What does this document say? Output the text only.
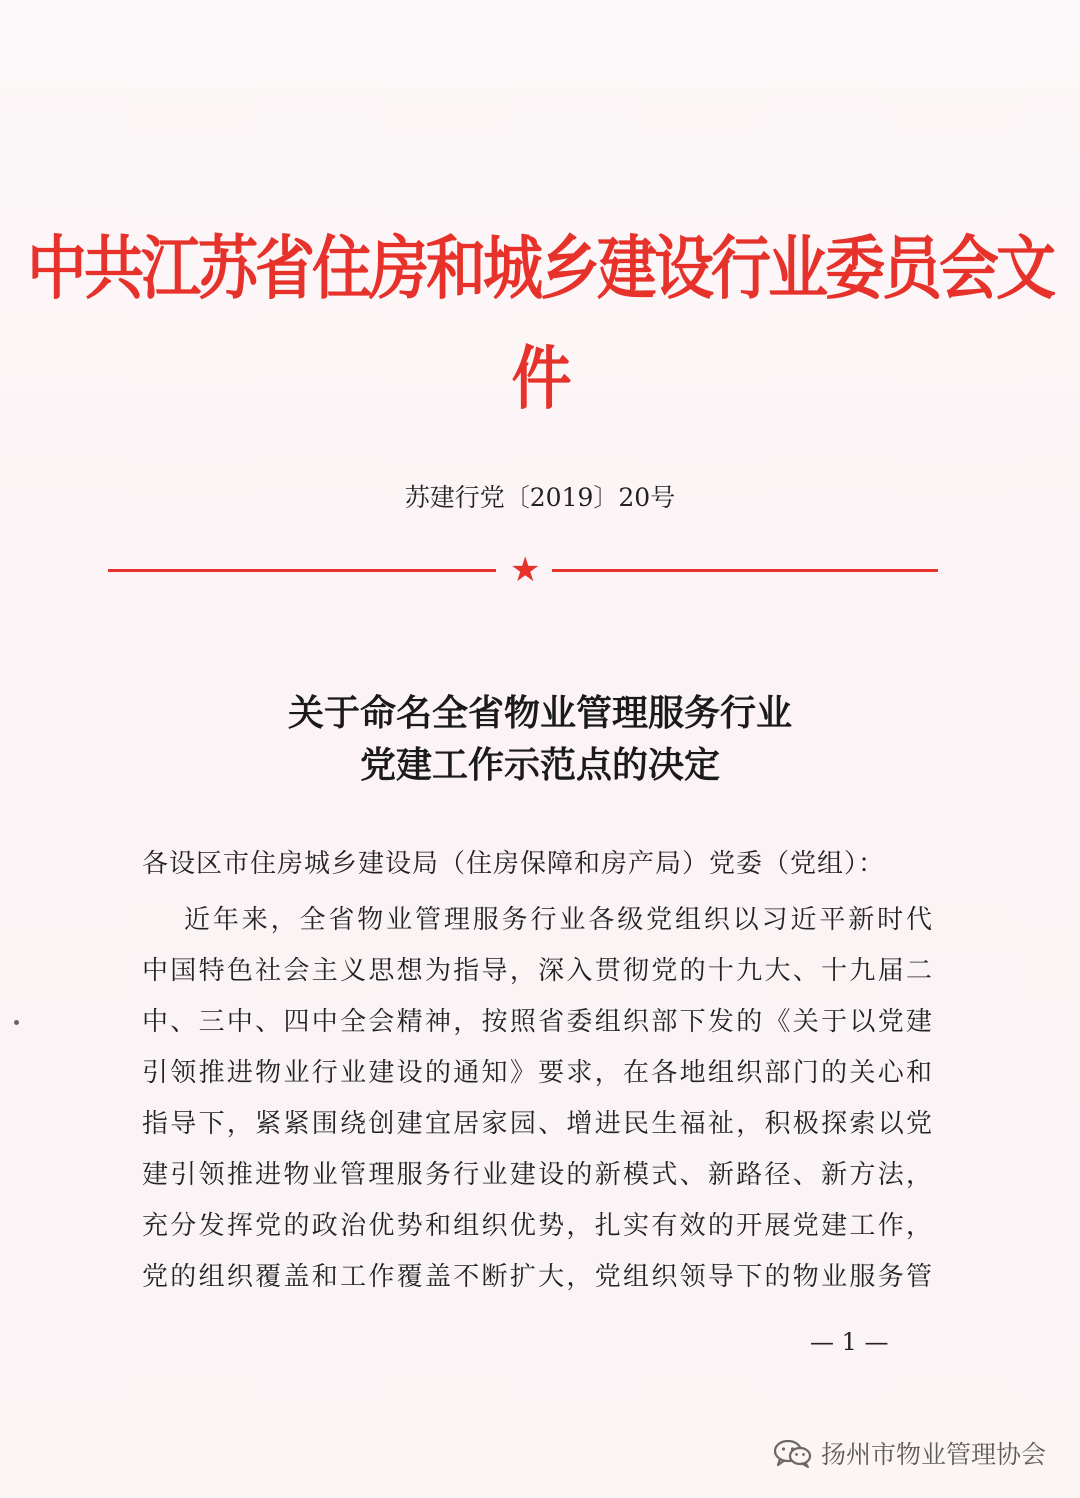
中共江苏省住房和城乡建设行业委员会文件
苏建行党〔2019〕20号
★
关于命名全省物业管理服务行业
党建工作示范点的决定
各设区市住房城乡建设局（住房保障和房产局）党委（党组）：
近年来，全省物业管理服务行业各级党组织以习近平新时代
中国特色社会主义思想为指导，深入贯彻党的十九大、十九届二
中、三中、四中全会精神，按照省委组织部下发的《关于以党建
引领推进物业行业建设的通知》要求，在各地组织部门的关心和
指导下，紧紧围绕创建宜居家园、增进民生福祉，积极探索以党
建引领推进物业管理服务行业建设的新模式、新路径、新方法，
充分发挥党的政治优势和组织优势，扎实有效的开展党建工作，
党的组织覆盖和工作覆盖不断扩大，党组织领导下的物业服务管
— 1 —
扬州市物业管理协会
